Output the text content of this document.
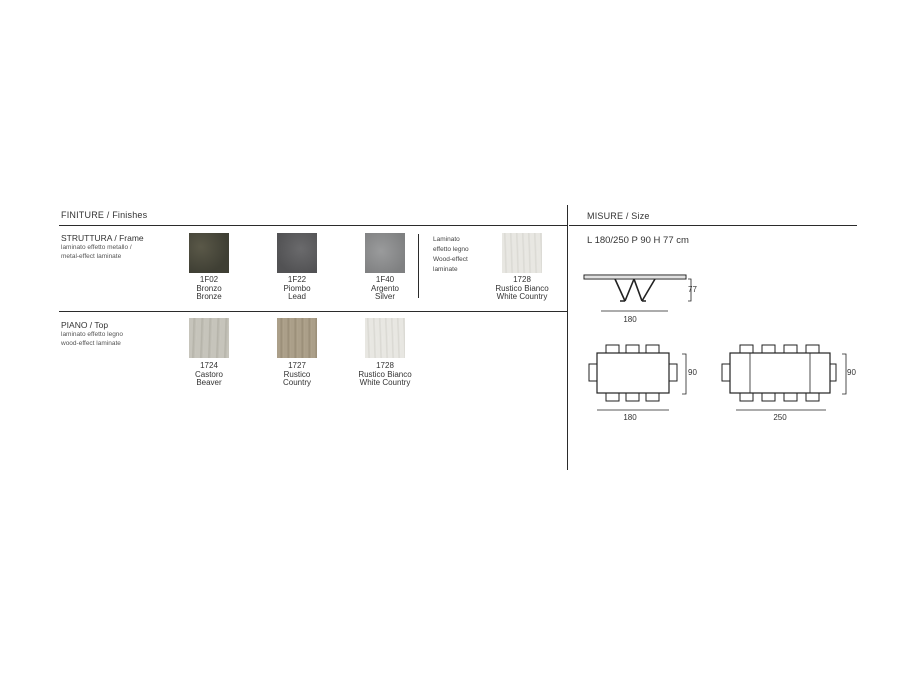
FINITURE / Finishes	MISURE / Size
STRUTTURA / Frame
laminato effetto metallo /
metal-effect laminate
1F02
Bronzo
Bronze
1F22
Piombo
Lead
1F40
Argento
Silver
Laminato
effetto legno
Wood-effect
laminate
1728
Rustico Bianco
White Country
PIANO / Top
laminato effetto legno
wood-effect laminate
1724
Castoro
Beaver
1727
Rustico
Country
1728
Rustico Bianco
White Country
L 180/250 P 90 H 77 cm
180
77
180
90
250
90
